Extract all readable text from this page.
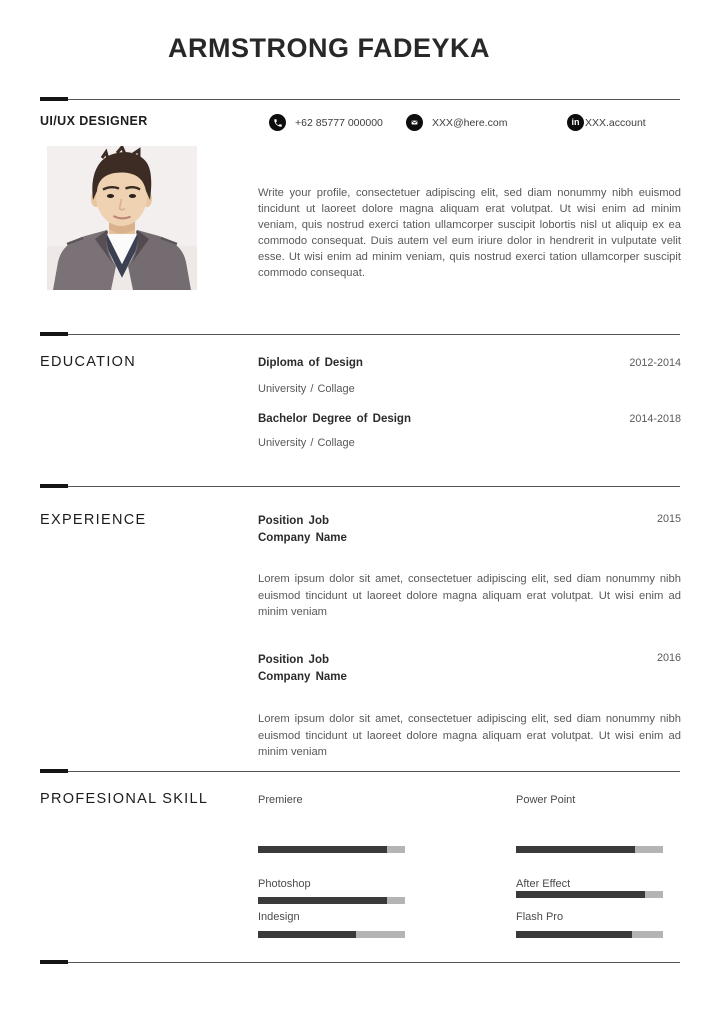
ARMSTRONG FADEYKA
UI/UX DESIGNER	+62 85777 000000	XXX@here.com	in XXX.account

Write your profile, consectetuer adipiscing elit, sed diam nonummy nibh euismod tincidunt ut laoreet dolore magna aliquam erat volutpat. Ut wisi enim ad minim veniam, quis nostrud exerci tation ullamcorper suscipit lobortis nisl ut aliquip ex ea commodo consequat. Duis autem vel eum iriure dolor in hendrerit in vulputate velit esse. Ut wisi enim ad minim veniam, quis nostrud exerci tation ullamcorper suscipit commodo consequat.

EDUCATION	Diploma of Design	2012-2014
University / Collage
Bachelor Degree of Design	2014-2018
University / Collage
EXPERIENCE	Position Job
Company Name
2015

Lorem ipsum dolor sit amet, consectetuer adipiscing elit, sed diam nonummy nibh euismod tincidunt ut laoreet dolore magna aliquam erat volutpat. Ut wisi enim ad minim veniam

Position Job
Company Name
2016

Lorem ipsum dolor sit amet, consectetuer adipiscing elit, sed diam nonummy nibh euismod tincidunt ut laoreet dolore magna aliquam erat volutpat. Ut wisi enim ad minim veniam

PROFESIONAL SKILL	Premiere
Photoshop
Indesign
Power Point
After Effect
Flash Pro
